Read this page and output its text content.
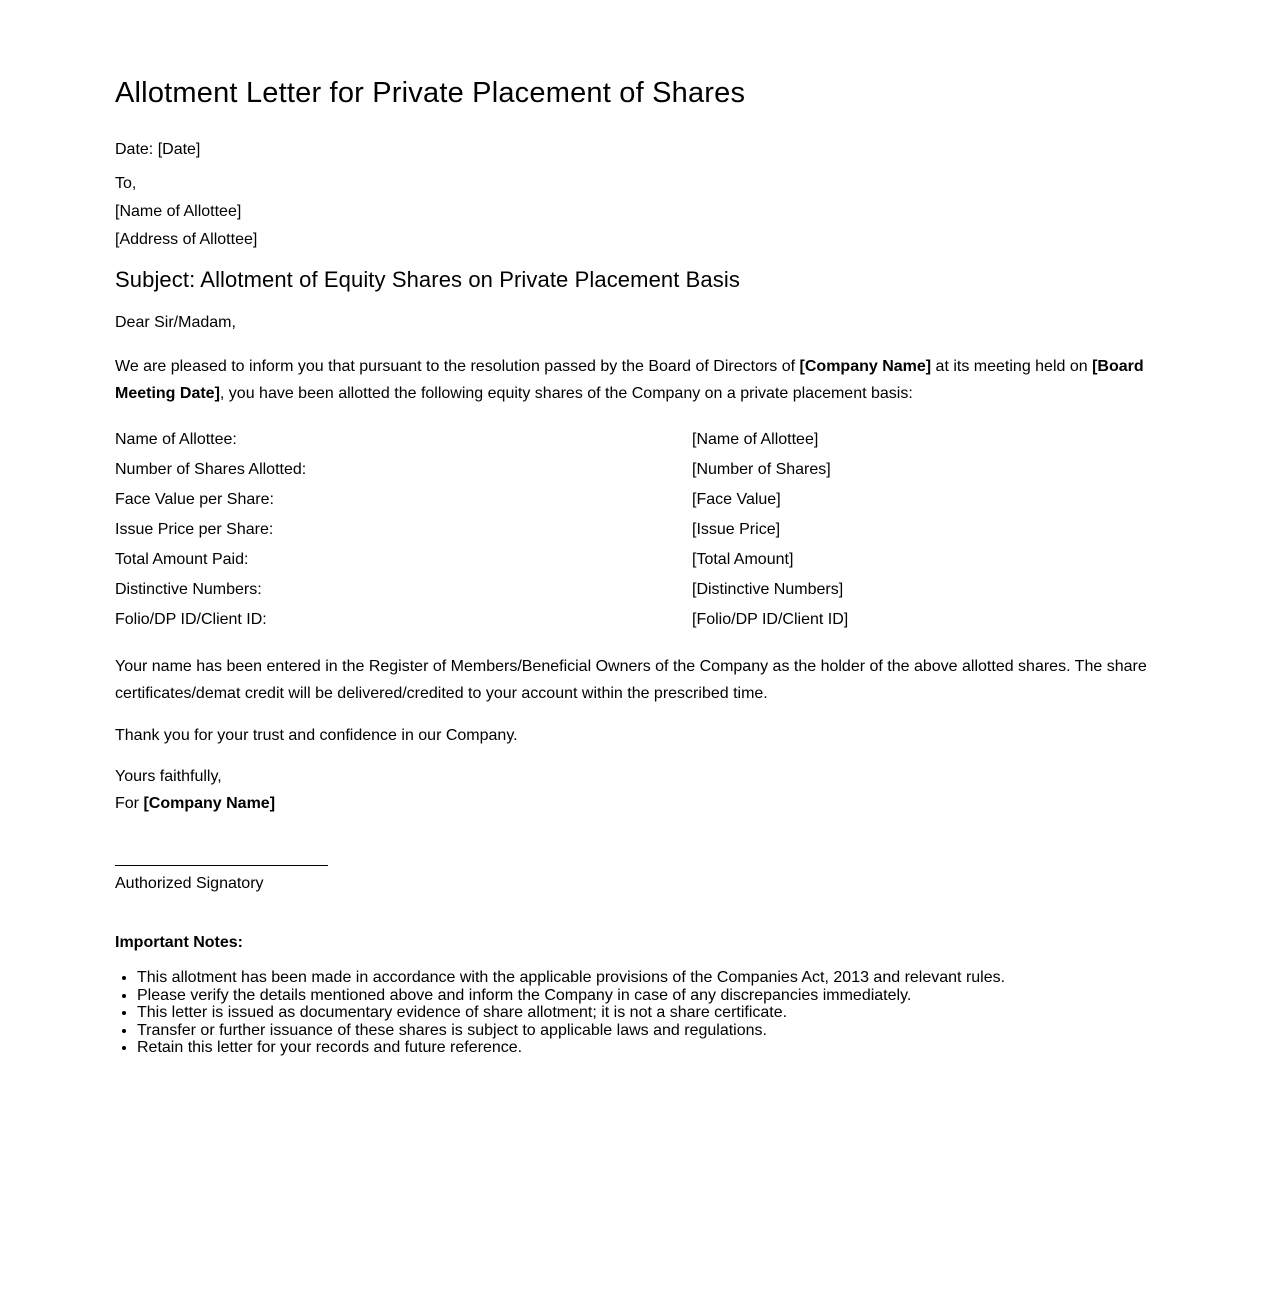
Allotment Letter for Private Placement of Shares

Date: [Date]

To,
[Name of Allottee]
[Address of Allottee]
Subject: Allotment of Equity Shares on Private Placement Basis

Dear Sir/Madam,

We are pleased to inform you that pursuant to the resolution passed by the Board of Directors of [Company Name] at its meeting held on [Board Meeting Date], you have been allotted the following equity shares of the Company on a private placement basis:

Name of Allottee:	[Name of Allottee]
Number of Shares Allotted:	[Number of Shares]
Face Value per Share:	[Face Value]
Issue Price per Share:	[Issue Price]
Total Amount Paid:	[Total Amount]
Distinctive Numbers:	[Distinctive Numbers]
Folio/DP ID/Client ID:	[Folio/DP ID/Client ID]

Your name has been entered in the Register of Members/Beneficial Owners of the Company as the holder of the above allotted shares. The share certificates/demat credit will be delivered/credited to your account within the prescribed time.

Thank you for your trust and confidence in our Company.

Yours faithfully,
For [Company Name]

Authorized Signatory

Important Notes:
• This allotment has been made in accordance with the applicable provisions of the Companies Act, 2013 and relevant rules.
• Please verify the details mentioned above and inform the Company in case of any discrepancies immediately.
• This letter is issued as documentary evidence of share allotment; it is not a share certificate.
• Transfer or further issuance of these shares is subject to applicable laws and regulations.
• Retain this letter for your records and future reference.
